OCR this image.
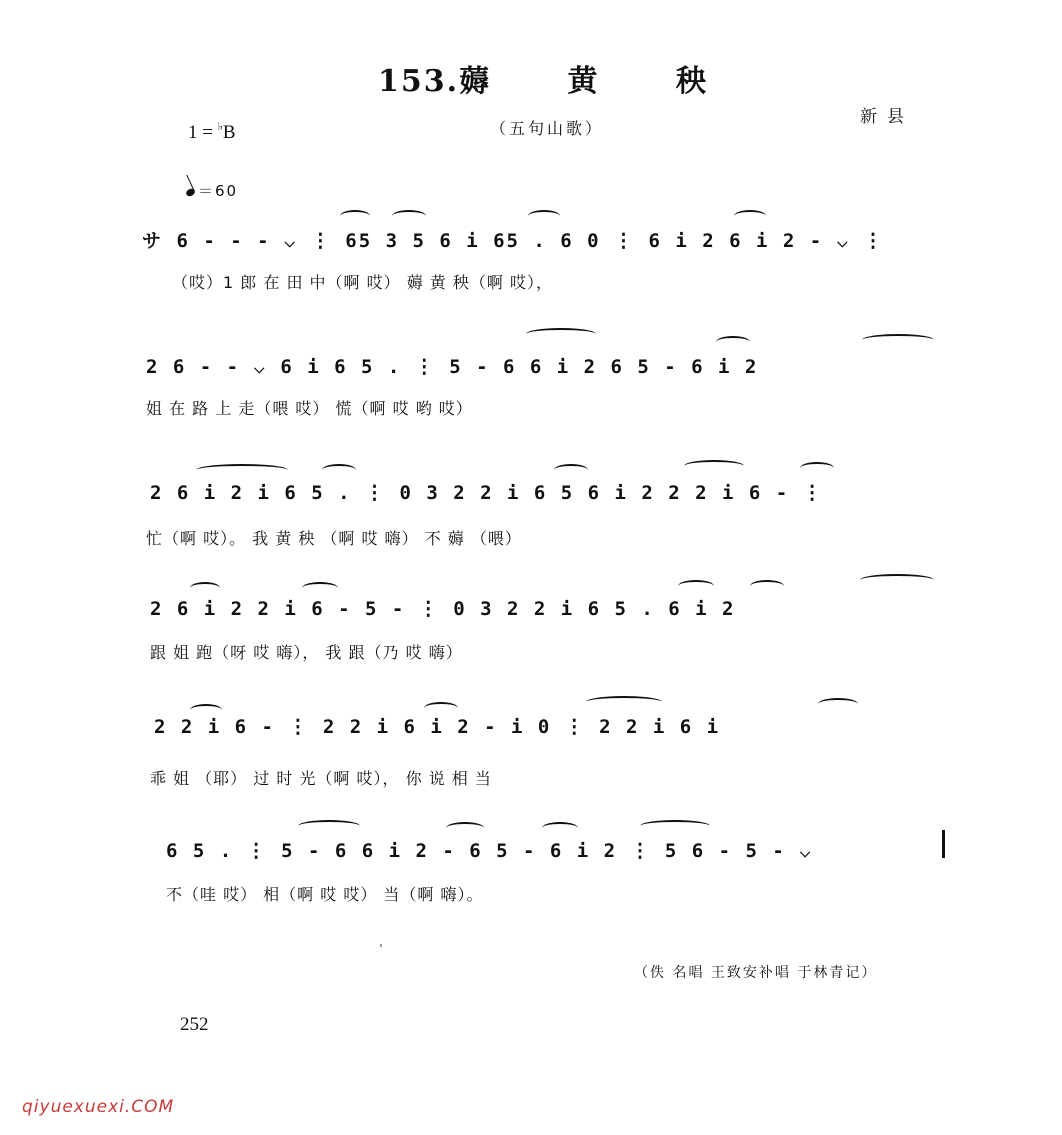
153.薅 黄 秧
1 = ♭B	（五句山歌）
新县
＝60
サ 6 - - - ⌵ ⋮ 65 3 5 6 i 65 . 6 0 ⋮ 6 i 2 6 i 2 - ⌵ ⋮
（哎）1 郎 在 田 中（啊 哎） 薅 黄 秧（啊 哎），
2 6 - - ⌵ 6 i 6 5 . ⋮ 5 - 6 6 i 2 6 5 - 6 i 2
姐 在 路 上 走（喂 哎） 慌（啊 哎 哟 哎）
2 6 i 2 i 6 5 . ⋮ 0 3 2 2 i 6 5 6 i 2 2 2 i 6 - ⋮
忙（啊 哎）。 我 黄 秧 （啊 哎 嗨） 不 薅 （喂）
2 6 i 2 2 i 6 - 5 - ⋮ 0 3 2 2 i 6 5 . 6 i 2
跟 姐 跑（呀 哎 嗨）， 我 跟（乃 哎 嗨）
2 2 i 6 - ⋮ 2 2 i 6 i 2 - i 0 ⋮ 2 2 i 6 i
乖 姐 （耶） 过 时 光（啊 哎）， 你 说 相 当
6 5 . ⋮ 5 - 6 6 i 2 - 6 5 - 6 i 2 ⋮ 5 6 - 5 - ⌵
不（哇 哎） 相（啊 哎 哎） 当（啊 嗨）。
（佚 名唱 王致安补唱 于林青记）
252
qiyuexuexi.COM
